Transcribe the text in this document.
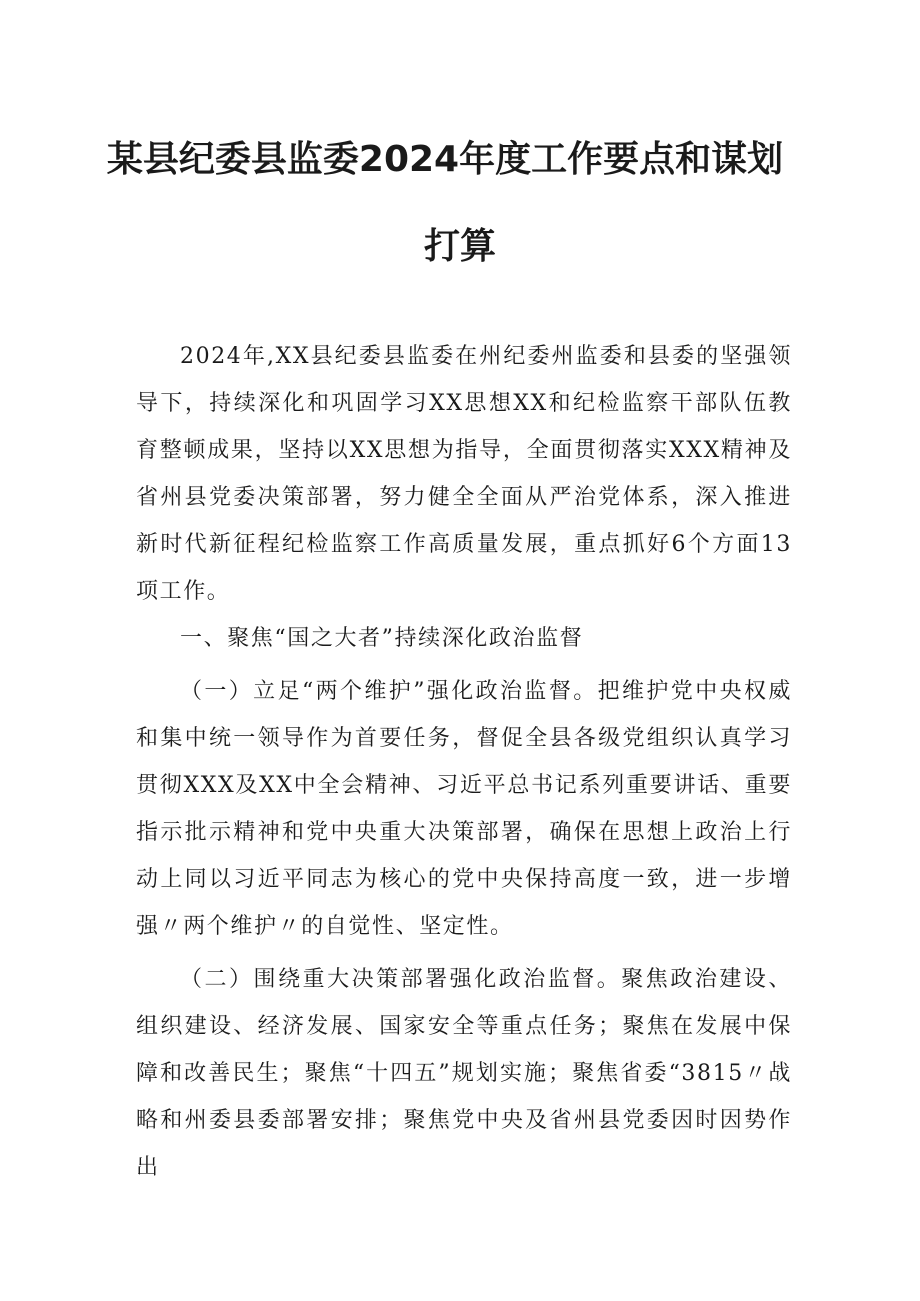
某县纪委县监委2024年度工作要点和谋划
打算

2024年,XX县纪委县监委在州纪委州监委和县委的坚强领导下，持续深化和巩固学习XX思想XX和纪检监察干部队伍教育整顿成果，坚持以XX思想为指导，全面贯彻落实XXX精神及省州县党委决策部署，努力健全全面从严治党体系，深入推进新时代新征程纪检监察工作高质量发展，重点抓好6个方面13项工作。

一、聚焦“国之大者”持续深化政治监督

（一）立足“两个维护”强化政治监督。把维护党中央权威和集中统一领导作为首要任务，督促全县各级党组织认真学习贯彻XXX及XX中全会精神、习近平总书记系列重要讲话、重要指示批示精神和党中央重大决策部署，确保在思想上政治上行动上同以习近平同志为核心的党中央保持高度一致，进一步增强〃两个维护〃的自觉性、坚定性。

（二）围绕重大决策部署强化政治监督。聚焦政治建设、组织建设、经济发展、国家安全等重点任务；聚焦在发展中保障和改善民生；聚焦“十四五”规划实施；聚焦省委“3815〃战略和州委县委部署安排；聚焦党中央及省州县党委因时因势作出
